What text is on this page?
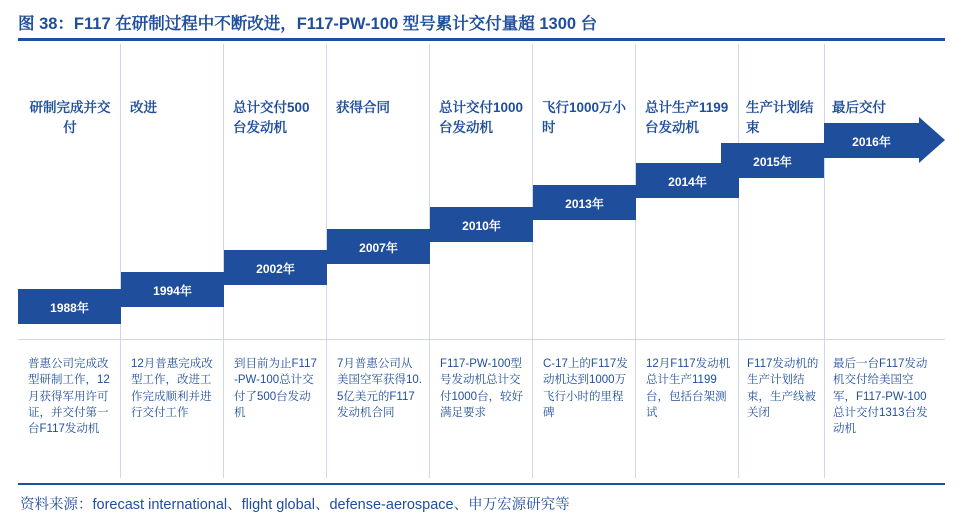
图 38：F117 在研制过程中不断改进，F117-PW-100 型号累计交付量超 1300 台
研制完成并交付
改进	总计交付500台发动机
获得合同	总计交付1000台发动机
飞行1000万小时
总计生产1199台发动机
生产计划结束
最后交付
1988年
1994年
2002年
2007年
2010年
2013年
2014年
2015年
2016年
普惠公司完成改型研制工作，12月获得军用许可证，并交付第一台F117发动机
12月普惠完成改型工作，改进工作完成顺利并进行交付工作
到目前为止F117-PW-100总计交付了500台发动机
7月普惠公司从美国空军获得10.5亿美元的F117发动机合同
F117-PW-100型号发动机总计交付1000台，较好满足要求
C-17上的F117发动机达到1000万飞行小时的里程碑
12月F117发动机总计生产1199台，包括台架测试
F117发动机的生产计划结束，生产线被关闭
最后一台F117发动机交付给美国空军，F117-PW-100总计交付1313台发动机
资料来源：forecast international、flight global、defense-aerospace、申万宏源研究等
